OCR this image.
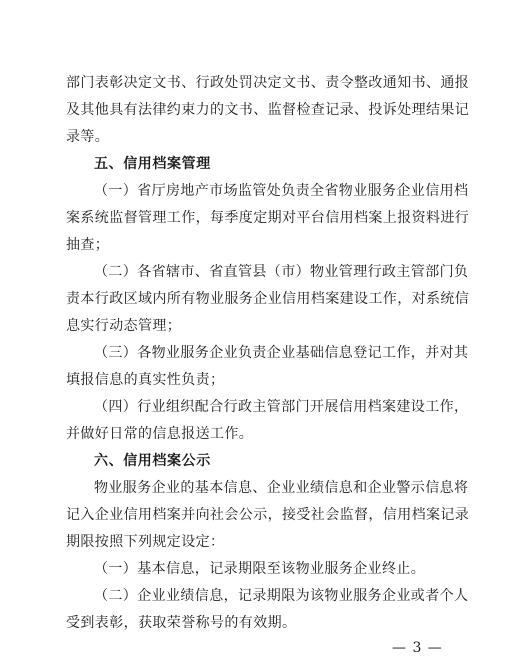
部门表彰决定文书、行政处罚决定文书、责令整改通知书、通报
及其他具有法律约束力的文书、监督检查记录、投诉处理结果记
录等。
五、信用档案管理
（一）省厅房地产市场监管处负责全省物业服务企业信用档
案系统监督管理工作，每季度定期对平台信用档案上报资料进行
抽查；
（二）各省辖市、省直管县（市）物业管理行政主管部门负
责本行政区域内所有物业服务企业信用档案建设工作，对系统信
息实行动态管理；
（三）各物业服务企业负责企业基础信息登记工作，并对其
填报信息的真实性负责；
（四）行业组织配合行政主管部门开展信用档案建设工作，
并做好日常的信息报送工作。
六、信用档案公示
物业服务企业的基本信息、企业业绩信息和企业警示信息将
记入企业信用档案并向社会公示，接受社会监督，信用档案记录
期限按照下列规定设定：
（一）基本信息，记录期限至该物业服务企业终止。
（二）企业业绩信息，记录期限为该物业服务企业或者个人
受到表彰，获取荣誉称号的有效期。
— 3 —
